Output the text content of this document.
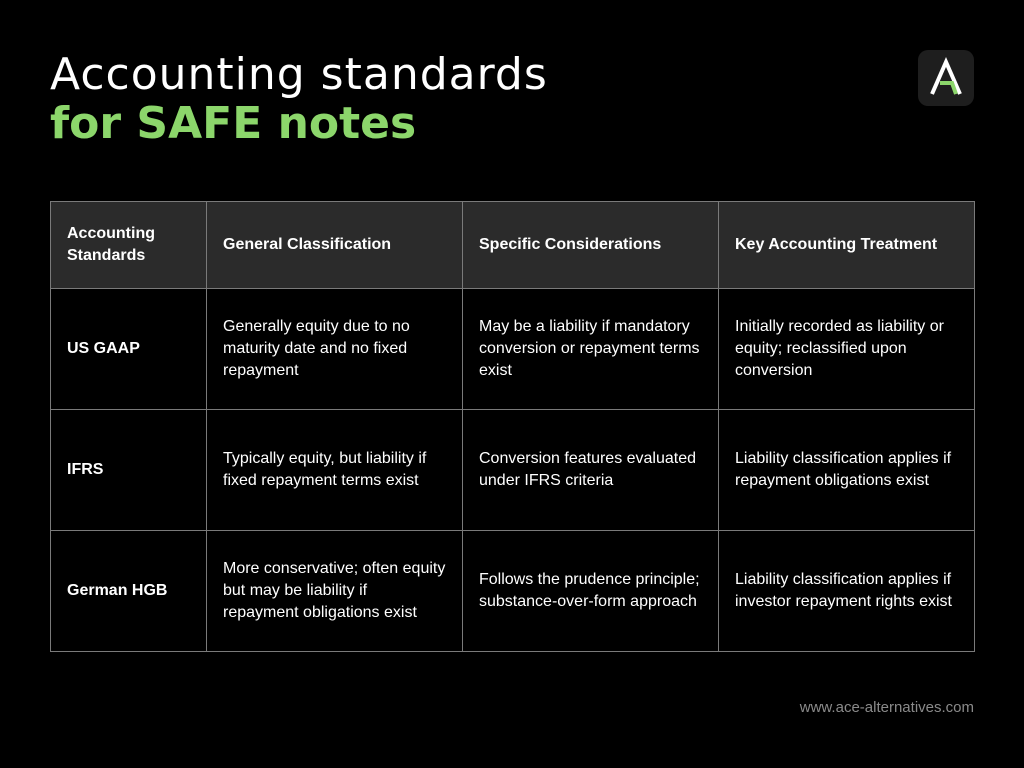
Accounting standards
for SAFE notes
Accounting Standards	General Classification	Specific Considerations	Key Accounting Treatment
US GAAP	Generally equity due to no maturity date and no fixed repayment	May be a liability if mandatory conversion or repayment terms exist	Initially recorded as liability or equity; reclassified upon conversion
IFRS	Typically equity, but liability if fixed repayment terms exist	Conversion features evaluated under IFRS criteria	Liability classification applies if repayment obligations exist
German HGB	More conservative; often equity but may be liability if repayment obligations exist	Follows the prudence principle; substance-over-form approach	Liability classification applies if investor repayment rights exist
www.ace-alternatives.com
